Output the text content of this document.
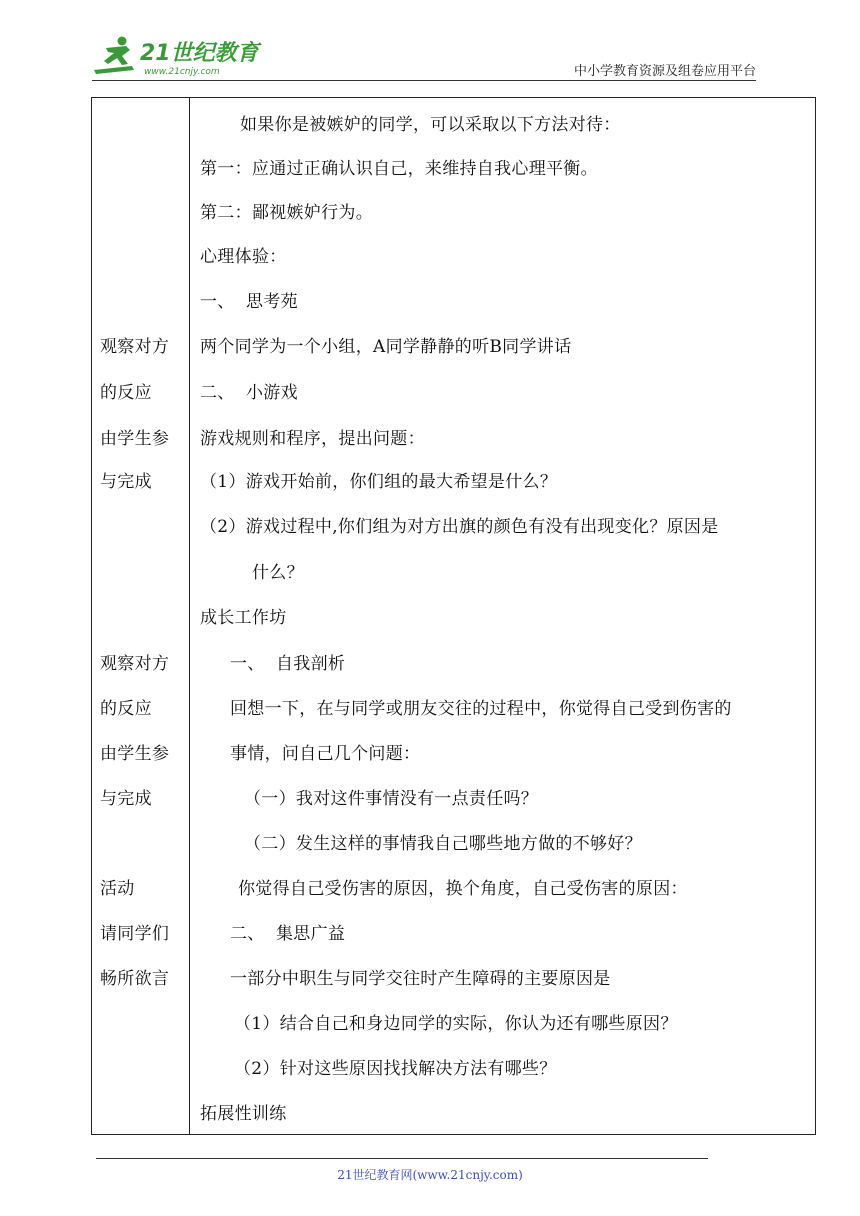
21世纪教育
www.21cnjy.com	中小学教育资源及组卷应用平台
观察对方
的反应
由学生参
与完成
观察对方
的反应
由学生参
与完成
活动
请同学们
畅所欲言
如果你是被嫉妒的同学，可以采取以下方法对待：
第一：应通过正确认识自己，来维持自我心理平衡。
第二：鄙视嫉妒行为。
心理体验：
一、  思考苑
两个同学为一个小组，A同学静静的听B同学讲话
二、  小游戏
游戏规则和程序，提出问题：
（1）游戏开始前，你们组的最大希望是什么？
（2）游戏过程中,你们组为对方出旗的颜色有没有出现变化？原因是
什么？
成长工作坊
一、  自我剖析
回想一下，在与同学或朋友交往的过程中，你觉得自己受到伤害的
事情，问自己几个问题：
（一）我对这件事情没有一点责任吗？
（二）发生这样的事情我自己哪些地方做的不够好？
你觉得自己受伤害的原因，换个角度，自己受伤害的原因：
二、  集思广益
一部分中职生与同学交往时产生障碍的主要原因是
（1）结合自己和身边同学的实际，你认为还有哪些原因？
（2）针对这些原因找找解决方法有哪些？
拓展性训练
21世纪教育网(www.21cnjy.com)
